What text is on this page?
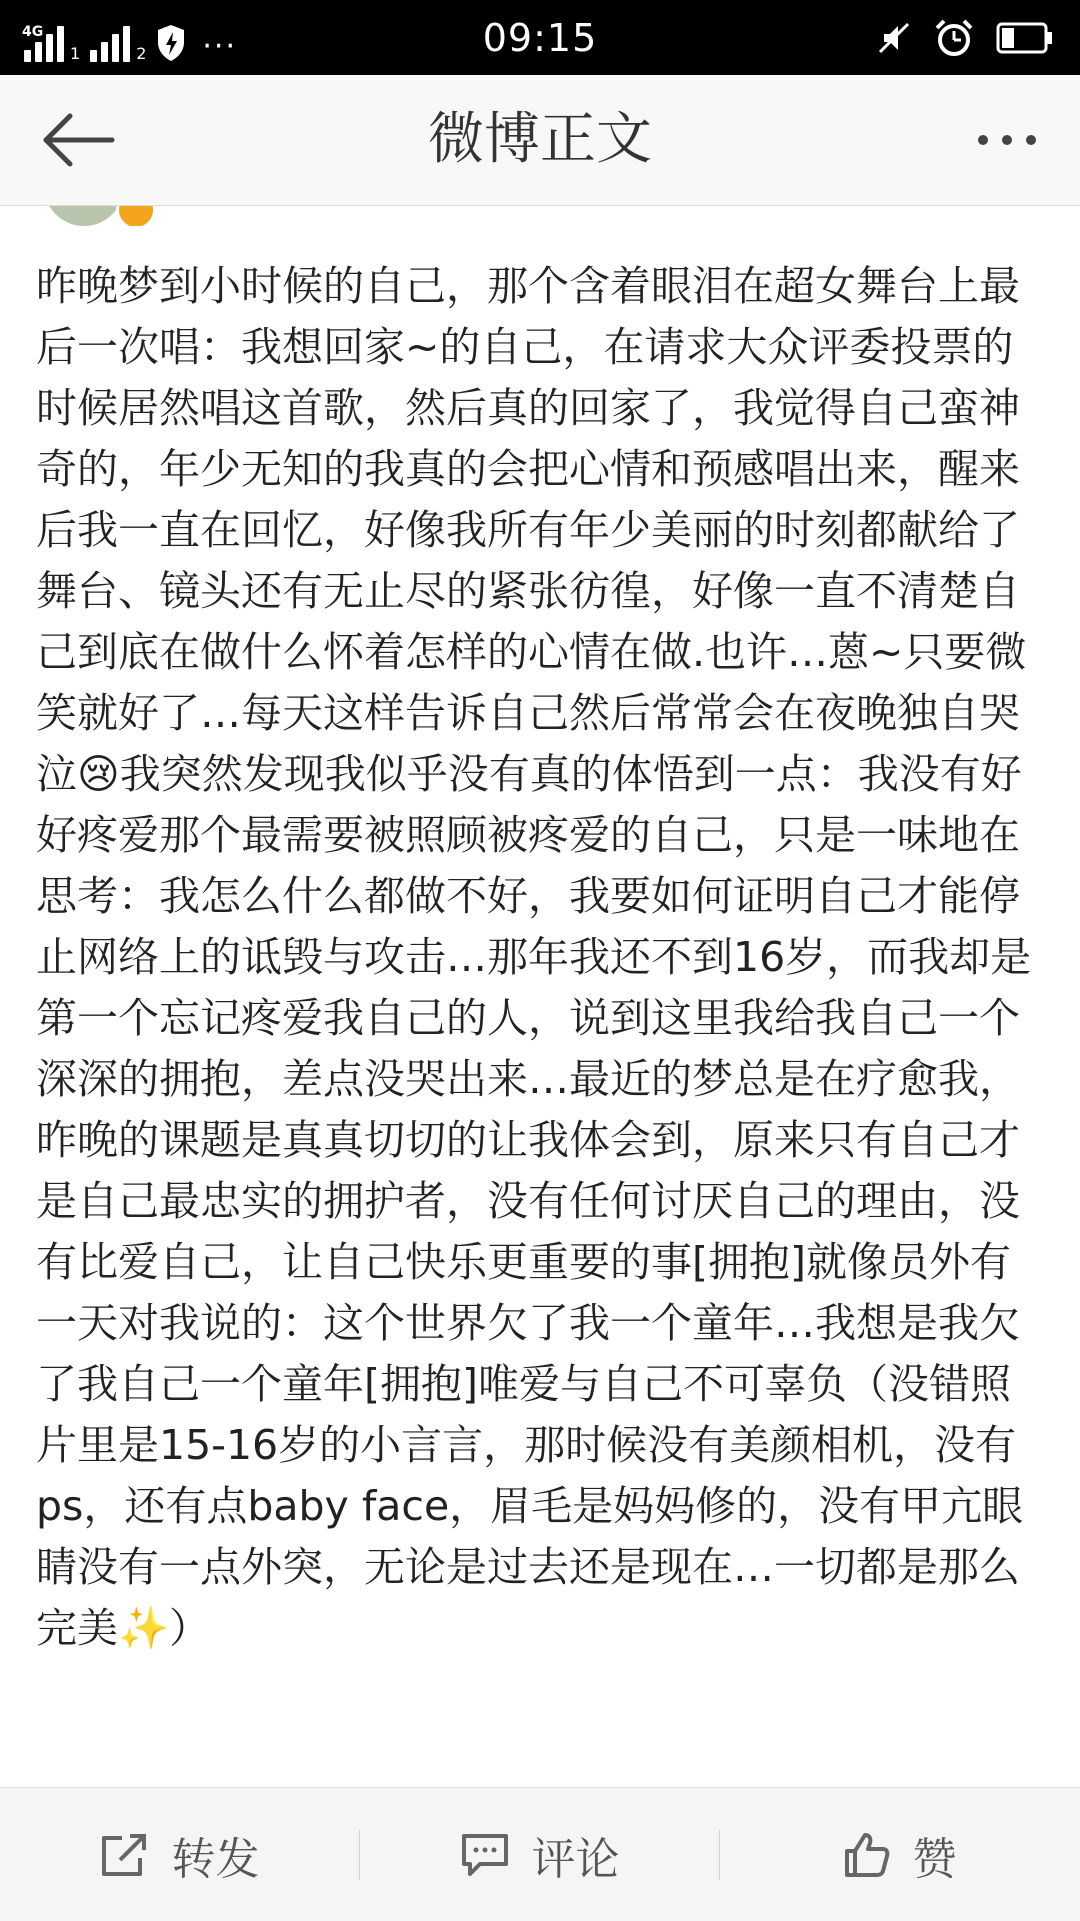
4G
1	2 ···	09:15
微博正文
昨晚梦到小时候的自己，那个含着眼泪在超女舞台上最后一次唱：我想回家~的自己，在请求大众评委投票的时候居然唱这首歌，然后真的回家了，我觉得自己蛮神奇的，年少无知的我真的会把心情和预感唱出来，醒来后我一直在回忆，好像我所有年少美丽的时刻都献给了舞台、镜头还有无止尽的紧张彷徨，好像一直不清楚自己到底在做什么怀着怎样的心情在做.也许…蒽~只要微笑就好了…每天这样告诉自己然后常常会在夜晚独自哭泣😢我突然发现我似乎没有真的体悟到一点：我没有好好疼爱那个最需要被照顾被疼爱的自己，只是一味地在思考：我怎么什么都做不好，我要如何证明自己才能停止网络上的诋毁与攻击…那年我还不到16岁，而我却是第一个忘记疼爱我自己的人，说到这里我给我自己一个深深的拥抱，差点没哭出来…最近的梦总是在疗愈我，昨晚的课题是真真切切的让我体会到，原来只有自己才是自己最忠实的拥护者，没有任何讨厌自己的理由，没有比爱自己，让自己快乐更重要的事[拥抱]就像员外有一天对我说的：这个世界欠了我一个童年…我想是我欠了我自己一个童年[拥抱]唯爱与自己不可辜负（没错照片里是15-16岁的小言言，那时候没有美颜相机，没有ps，还有点baby face，眉毛是妈妈修的，没有甲亢眼睛没有一点外突，无论是过去还是现在…一切都是那么完美✨）
转发	评论	赞
